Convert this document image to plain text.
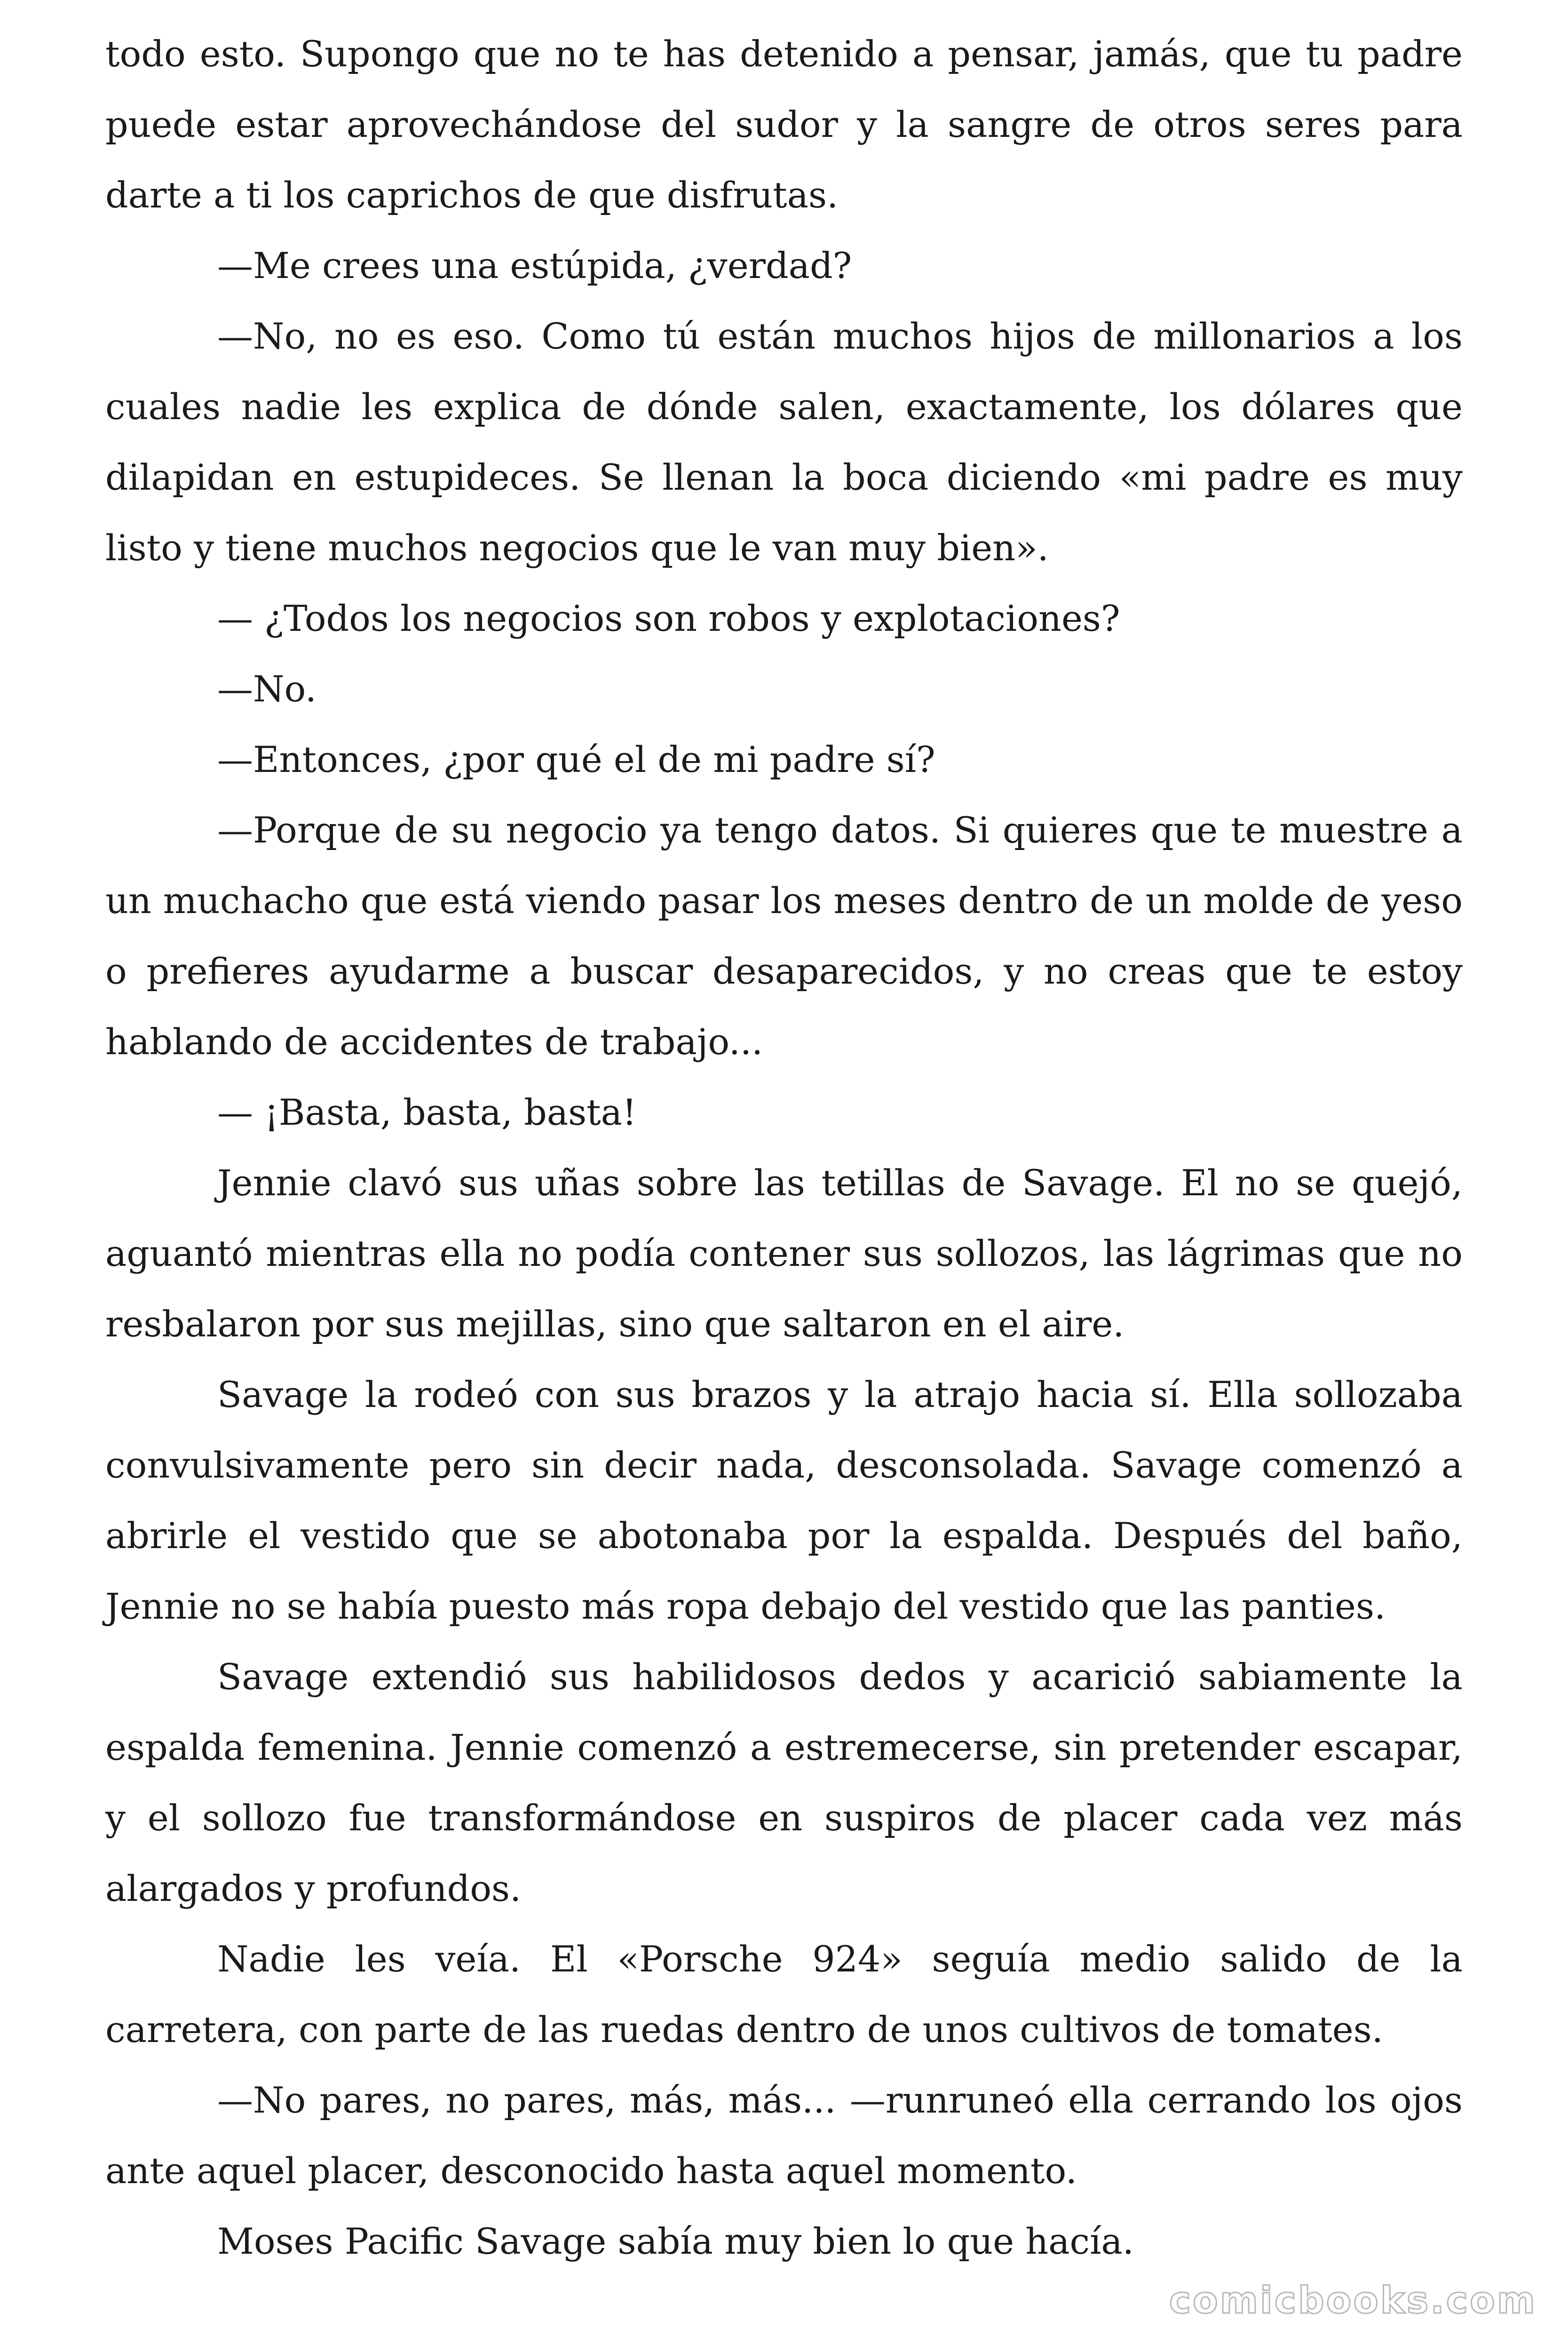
todo esto. Supongo que no te has detenido a pensar, jamás, que tu padre puede estar aprovechándose del sudor y la sangre de otros seres para darte a ti los caprichos de que disfrutas.

—Me crees una estúpida, ¿verdad?

—No, no es eso. Como tú están muchos hijos de millonarios a los cuales nadie les explica de dónde salen, exactamente, los dólares que dilapidan en estupideces. Se llenan la boca diciendo «mi padre es muy listo y tiene muchos negocios que le van muy bien».

— ¿Todos los negocios son robos y explotaciones?

—No.

—Entonces, ¿por qué el de mi padre sí?

—Porque de su negocio ya tengo datos. Si quieres que te muestre a un muchacho que está viendo pasar los meses dentro de un molde de yeso o prefieres ayudarme a buscar desaparecidos, y no creas que te estoy hablando de accidentes de trabajo...

— ¡Basta, basta, basta!

Jennie clavó sus uñas sobre las tetillas de Savage. El no se quejó, aguantó mientras ella no podía contener sus sollozos, las lágrimas que no resbalaron por sus mejillas, sino que saltaron en el aire.

Savage la rodeó con sus brazos y la atrajo hacia sí. Ella sollozaba convulsivamente pero sin decir nada, desconsolada. Savage comenzó a abrirle el vestido que se abotonaba por la espalda. Después del baño, Jennie no se había puesto más ropa debajo del vestido que las panties.

Savage extendió sus habilidosos dedos y acarició sabiamente la espalda femenina. Jennie comenzó a estremecerse, sin pretender escapar, y el sollozo fue transformándose en suspiros de placer cada vez más alargados y profundos.

Nadie les veía. El «Porsche 924» seguía medio salido de la carretera, con parte de las ruedas dentro de unos cultivos de tomates.

—No pares, no pares, más, más... —runruneó ella cerrando los ojos ante aquel placer, desconocido hasta aquel momento.

Moses Pacific Savage sabía muy bien lo que hacía.

comicbooks.com
